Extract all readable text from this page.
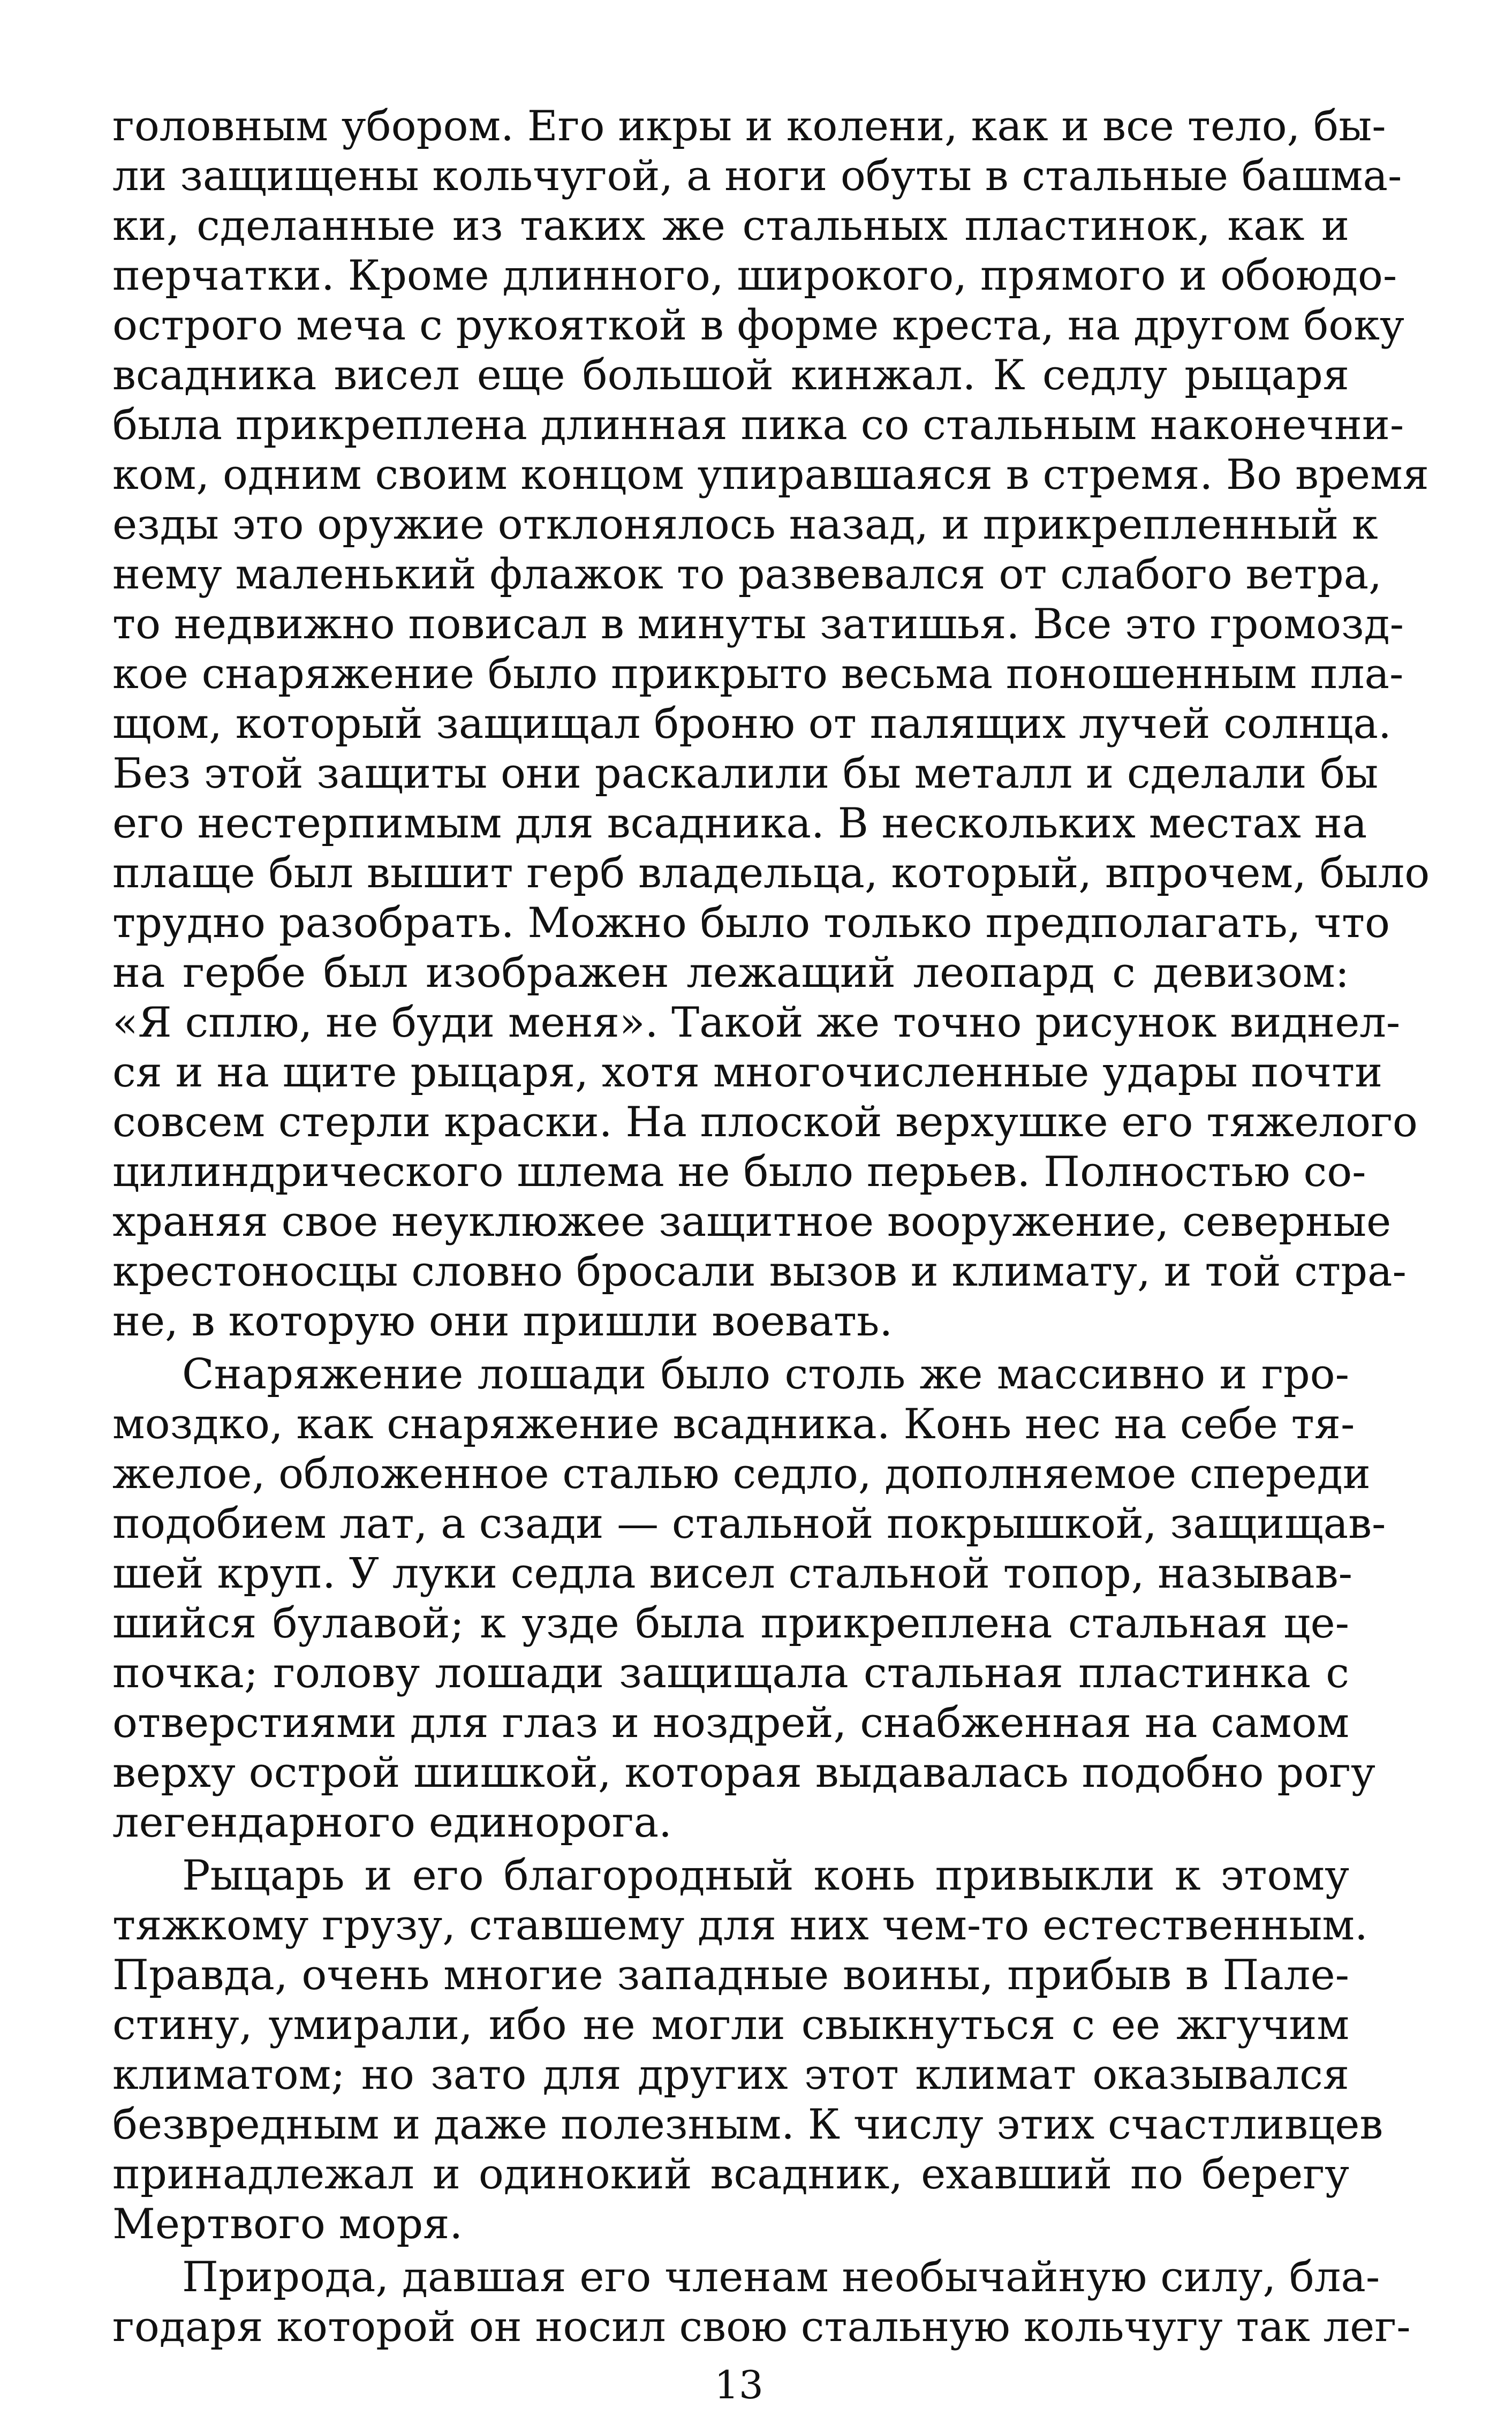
головным убором. Его икры и колени, как и все тело, бы-
ли защищены кольчугой, а ноги обуты в стальные башма-
ки, сделанные из таких же стальных пластинок, как и
перчатки. Кроме длинного, широкого, прямого и обоюдо-
острого меча с рукояткой в форме креста, на другом боку
всадника висел еще большой кинжал. К седлу рыцаря
была прикреплена длинная пика со стальным наконечни-
ком, одним своим концом упиравшаяся в стремя. Во время
езды это оружие отклонялось назад, и прикрепленный к
нему маленький флажок то развевался от слабого ветра,
то недвижно повисал в минуты затишья. Все это громозд-
кое снаряжение было прикрыто весьма поношенным пла-
щом, который защищал броню от палящих лучей солнца.
Без этой защиты они раскалили бы металл и сделали бы
его нестерпимым для всадника. В нескольких местах на
плаще был вышит герб владельца, который, впрочем, было
трудно разобрать. Можно было только предполагать, что
на гербе был изображен лежащий леопард с девизом:
«Я сплю, не буди меня». Такой же точно рисунок виднел-
ся и на щите рыцаря, хотя многочисленные удары почти
совсем стерли краски. На плоской верхушке его тяжелого
цилиндрического шлема не было перьев. Полностью со-
храняя свое неуклюжее защитное вооружение, северные
крестоносцы словно бросали вызов и климату, и той стра-
не, в которую они пришли воевать.
Снаряжение лошади было столь же массивно и гро-
моздко, как снаряжение всадника. Конь нес на себе тя-
желое, обложенное сталью седло, дополняемое спереди
подобием лат, а сзади — стальной покрышкой, защищав-
шей круп. У луки седла висел стальной топор, называв-
шийся булавой; к узде была прикреплена стальная це-
почка; голову лошади защищала стальная пластинка с
отверстиями для глаз и ноздрей, снабженная на самом
верху острой шишкой, которая выдавалась подобно рогу
легендарного единорога.
Рыцарь и его благородный конь привыкли к этому
тяжкому грузу, ставшему для них чем-то естественным.
Правда, очень многие западные воины, прибыв в Пале-
стину, умирали, ибо не могли свыкнуться с ее жгучим
климатом; но зато для других этот климат оказывался
безвредным и даже полезным. К числу этих счастливцев
принадлежал и одинокий всадник, ехавший по берегу
Мертвого моря.
Природа, давшая его членам необычайную силу, бла-
годаря которой он носил свою стальную кольчугу так лег-
13
